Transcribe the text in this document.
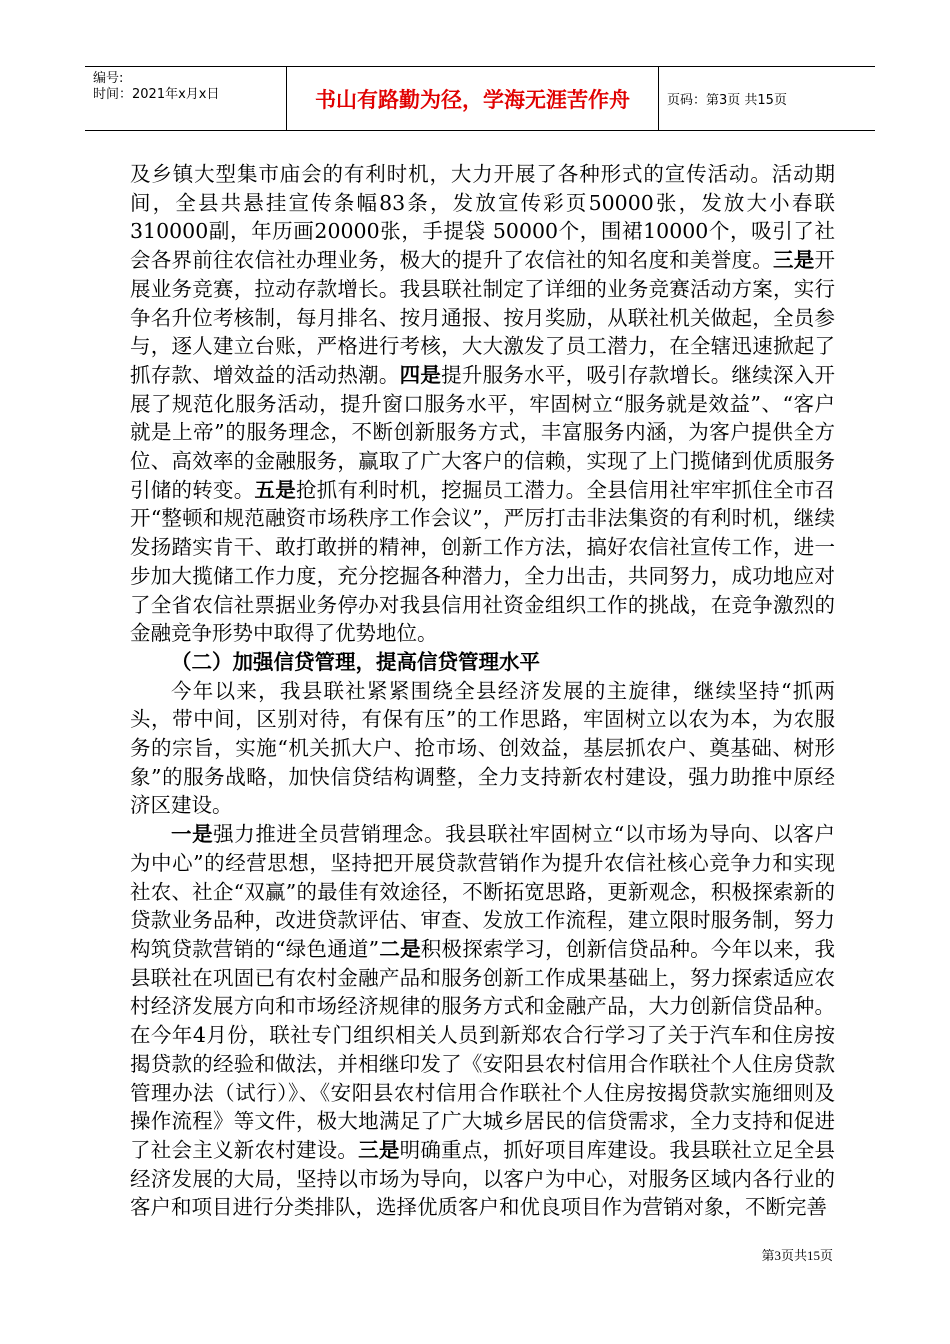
编号:
时间：2021年x月x日	书山有路勤为径，学海无涯苦作舟	页码：第3页 共15页

及乡镇大型集市庙会的有利时机，大力开展了各种形式的宣传活动。活动期间，全县共悬挂宣传条幅83条，发放宣传彩页50000张，发放大小春联310000副，年历画20000张，手提袋 50000个，围裙10000个，吸引了社会各界前往农信社办理业务，极大的提升了农信社的知名度和美誉度。三是开展业务竞赛，拉动存款增长。我县联社制定了详细的业务竞赛活动方案，实行争名升位考核制，每月排名、按月通报、按月奖励，从联社机关做起，全员参与，逐人建立台账，严格进行考核，大大激发了员工潜力，在全辖迅速掀起了抓存款、增效益的活动热潮。四是提升服务水平，吸引存款增长。继续深入开展了规范化服务活动，提升窗口服务水平，牢固树立“服务就是效益”、“客户就是上帝”的服务理念，不断创新服务方式，丰富服务内涵，为客户提供全方位、高效率的金融服务，赢取了广大客户的信赖，实现了上门揽储到优质服务引储的转变。五是抢抓有利时机，挖掘员工潜力。全县信用社牢牢抓住全市召开“整顿和规范融资市场秩序工作会议”，严厉打击非法集资的有利时机，继续发扬踏实肯干、敢打敢拼的精神，创新工作方法，搞好农信社宣传工作，进一步加大揽储工作力度，充分挖掘各种潜力，全力出击，共同努力，成功地应对了全省农信社票据业务停办对我县信用社资金组织工作的挑战，在竞争激烈的金融竞争形势中取得了优势地位。

（二）加强信贷管理，提高信贷管理水平

今年以来，我县联社紧紧围绕全县经济发展的主旋律，继续坚持“抓两头，带中间，区别对待，有保有压”的工作思路，牢固树立以农为本，为农服务的宗旨，实施“机关抓大户、抢市场、创效益，基层抓农户、奠基础、树形象”的服务战略，加快信贷结构调整，全力支持新农村建设，强力助推中原经济区建设。

一是强力推进全员营销理念。我县联社牢固树立“以市场为导向、以客户为中心”的经营思想，坚持把开展贷款营销作为提升农信社核心竞争力和实现社农、社企“双赢”的最佳有效途径，不断拓宽思路，更新观念，积极探索新的贷款业务品种，改进贷款评估、审查、发放工作流程，建立限时服务制，努力构筑贷款营销的“绿色通道”二是积极探索学习，创新信贷品种。今年以来，我县联社在巩固已有农村金融产品和服务创新工作成果基础上，努力探索适应农村经济发展方向和市场经济规律的服务方式和金融产品，大力创新信贷品种。在今年4月份，联社专门组织相关人员到新郑农合行学习了关于汽车和住房按揭贷款的经验和做法，并相继印发了《安阳县农村信用合作联社个人住房贷款管理办法（试行）》、《安阳县农村信用合作联社个人住房按揭贷款实施细则及操作流程》等文件，极大地满足了广大城乡居民的信贷需求，全力支持和促进了社会主义新农村建设。三是明确重点，抓好项目库建设。我县联社立足全县经济发展的大局，坚持以市场为导向，以客户为中心，对服务区域内各行业的客户和项目进行分类排队，选择优质客户和优良项目作为营销对象，不断完善

第3页共15页
